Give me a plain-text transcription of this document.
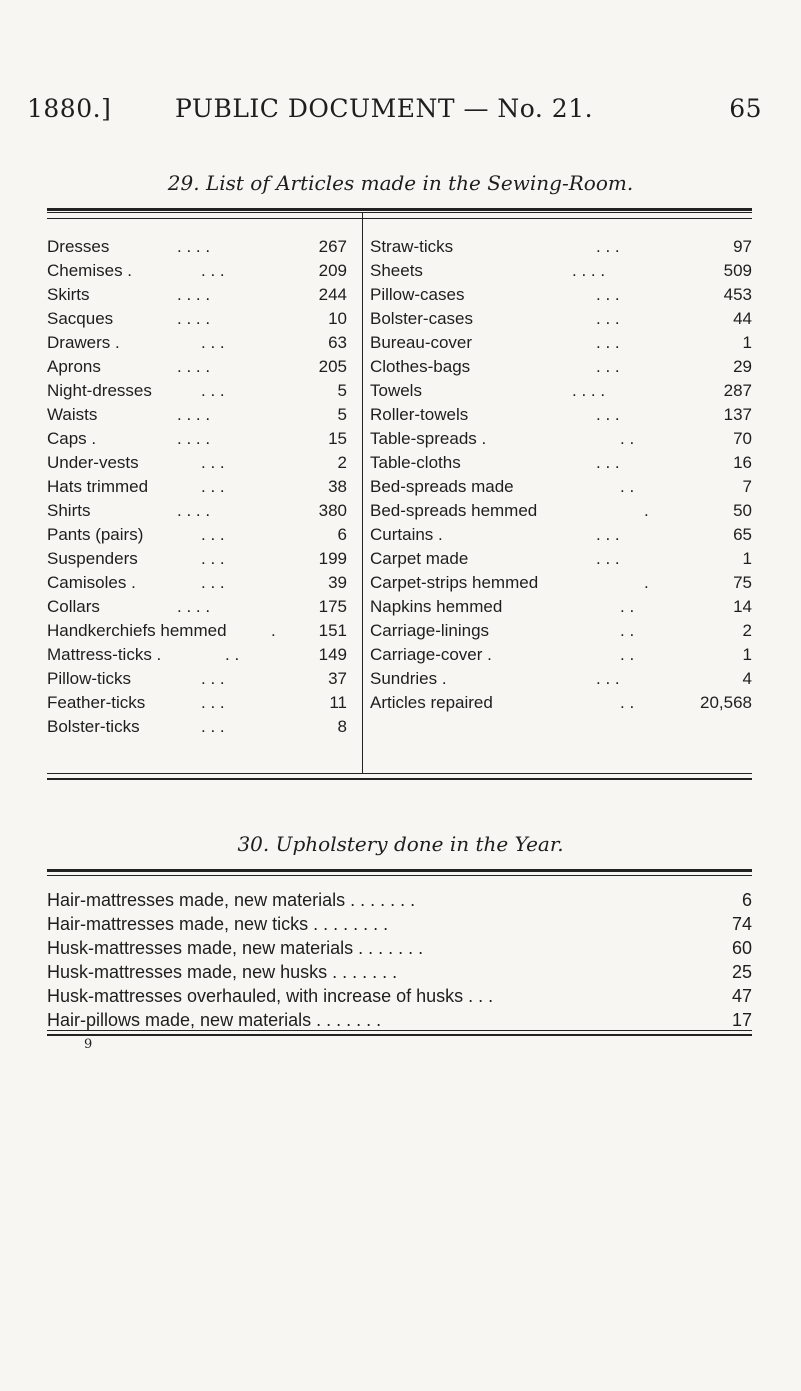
1880.]	PUBLIC DOCUMENT — No. 21.	65
29. List of Articles made in the Sewing-Room.
Dresses	. . . .	267
Chemises .	. . .	209
Skirts	. . . .	244
Sacques	. . . .	10
Drawers .	. . .	63
Aprons	. . . .	205
Night-dresses	. . .	5
Waists	. . . .	5
Caps .	. . . .	15
Under-vests	. . .	2
Hats trimmed	. . .	38
Shirts	. . . .	380
Pants (pairs)	. . .	6
Suspenders	. . .	199
Camisoles .	. . .	39
Collars	. . . .	175
Handkerchiefs hemmed	.	151
Mattress-ticks .	. .	149
Pillow-ticks	. . .	37
Feather-ticks	. . .	11
Bolster-ticks	. . .	8
Straw-ticks	. . .	97
Sheets	. . . .	509
Pillow-cases	. . .	453
Bolster-cases	. . .	44
Bureau-cover	. . .	1
Clothes-bags	. . .	29
Towels	. . . .	287
Roller-towels	. . .	137
Table-spreads .	. .	70
Table-cloths	. . .	16
Bed-spreads made	. .	7
Bed-spreads hemmed	.	50
Curtains .	. . .	65
Carpet made	. . .	1
Carpet-strips hemmed	.	75
Napkins hemmed	. .	14
Carriage-linings	. .	2
Carriage-cover .	. .	1
Sundries .	. . .	4
Articles repaired	. .	20,568
30. Upholstery done in the Year.
Hair-mattresses made, new materials . . . . . . .	6
Hair-mattresses made, new ticks . . . . . . . .	74
Husk-mattresses made, new materials . . . . . . .	60
Husk-mattresses made, new husks . . . . . . .	25
Husk-mattresses overhauled, with increase of husks . . .	47
Hair-pillows made, new materials . . . . . . .	17
9
